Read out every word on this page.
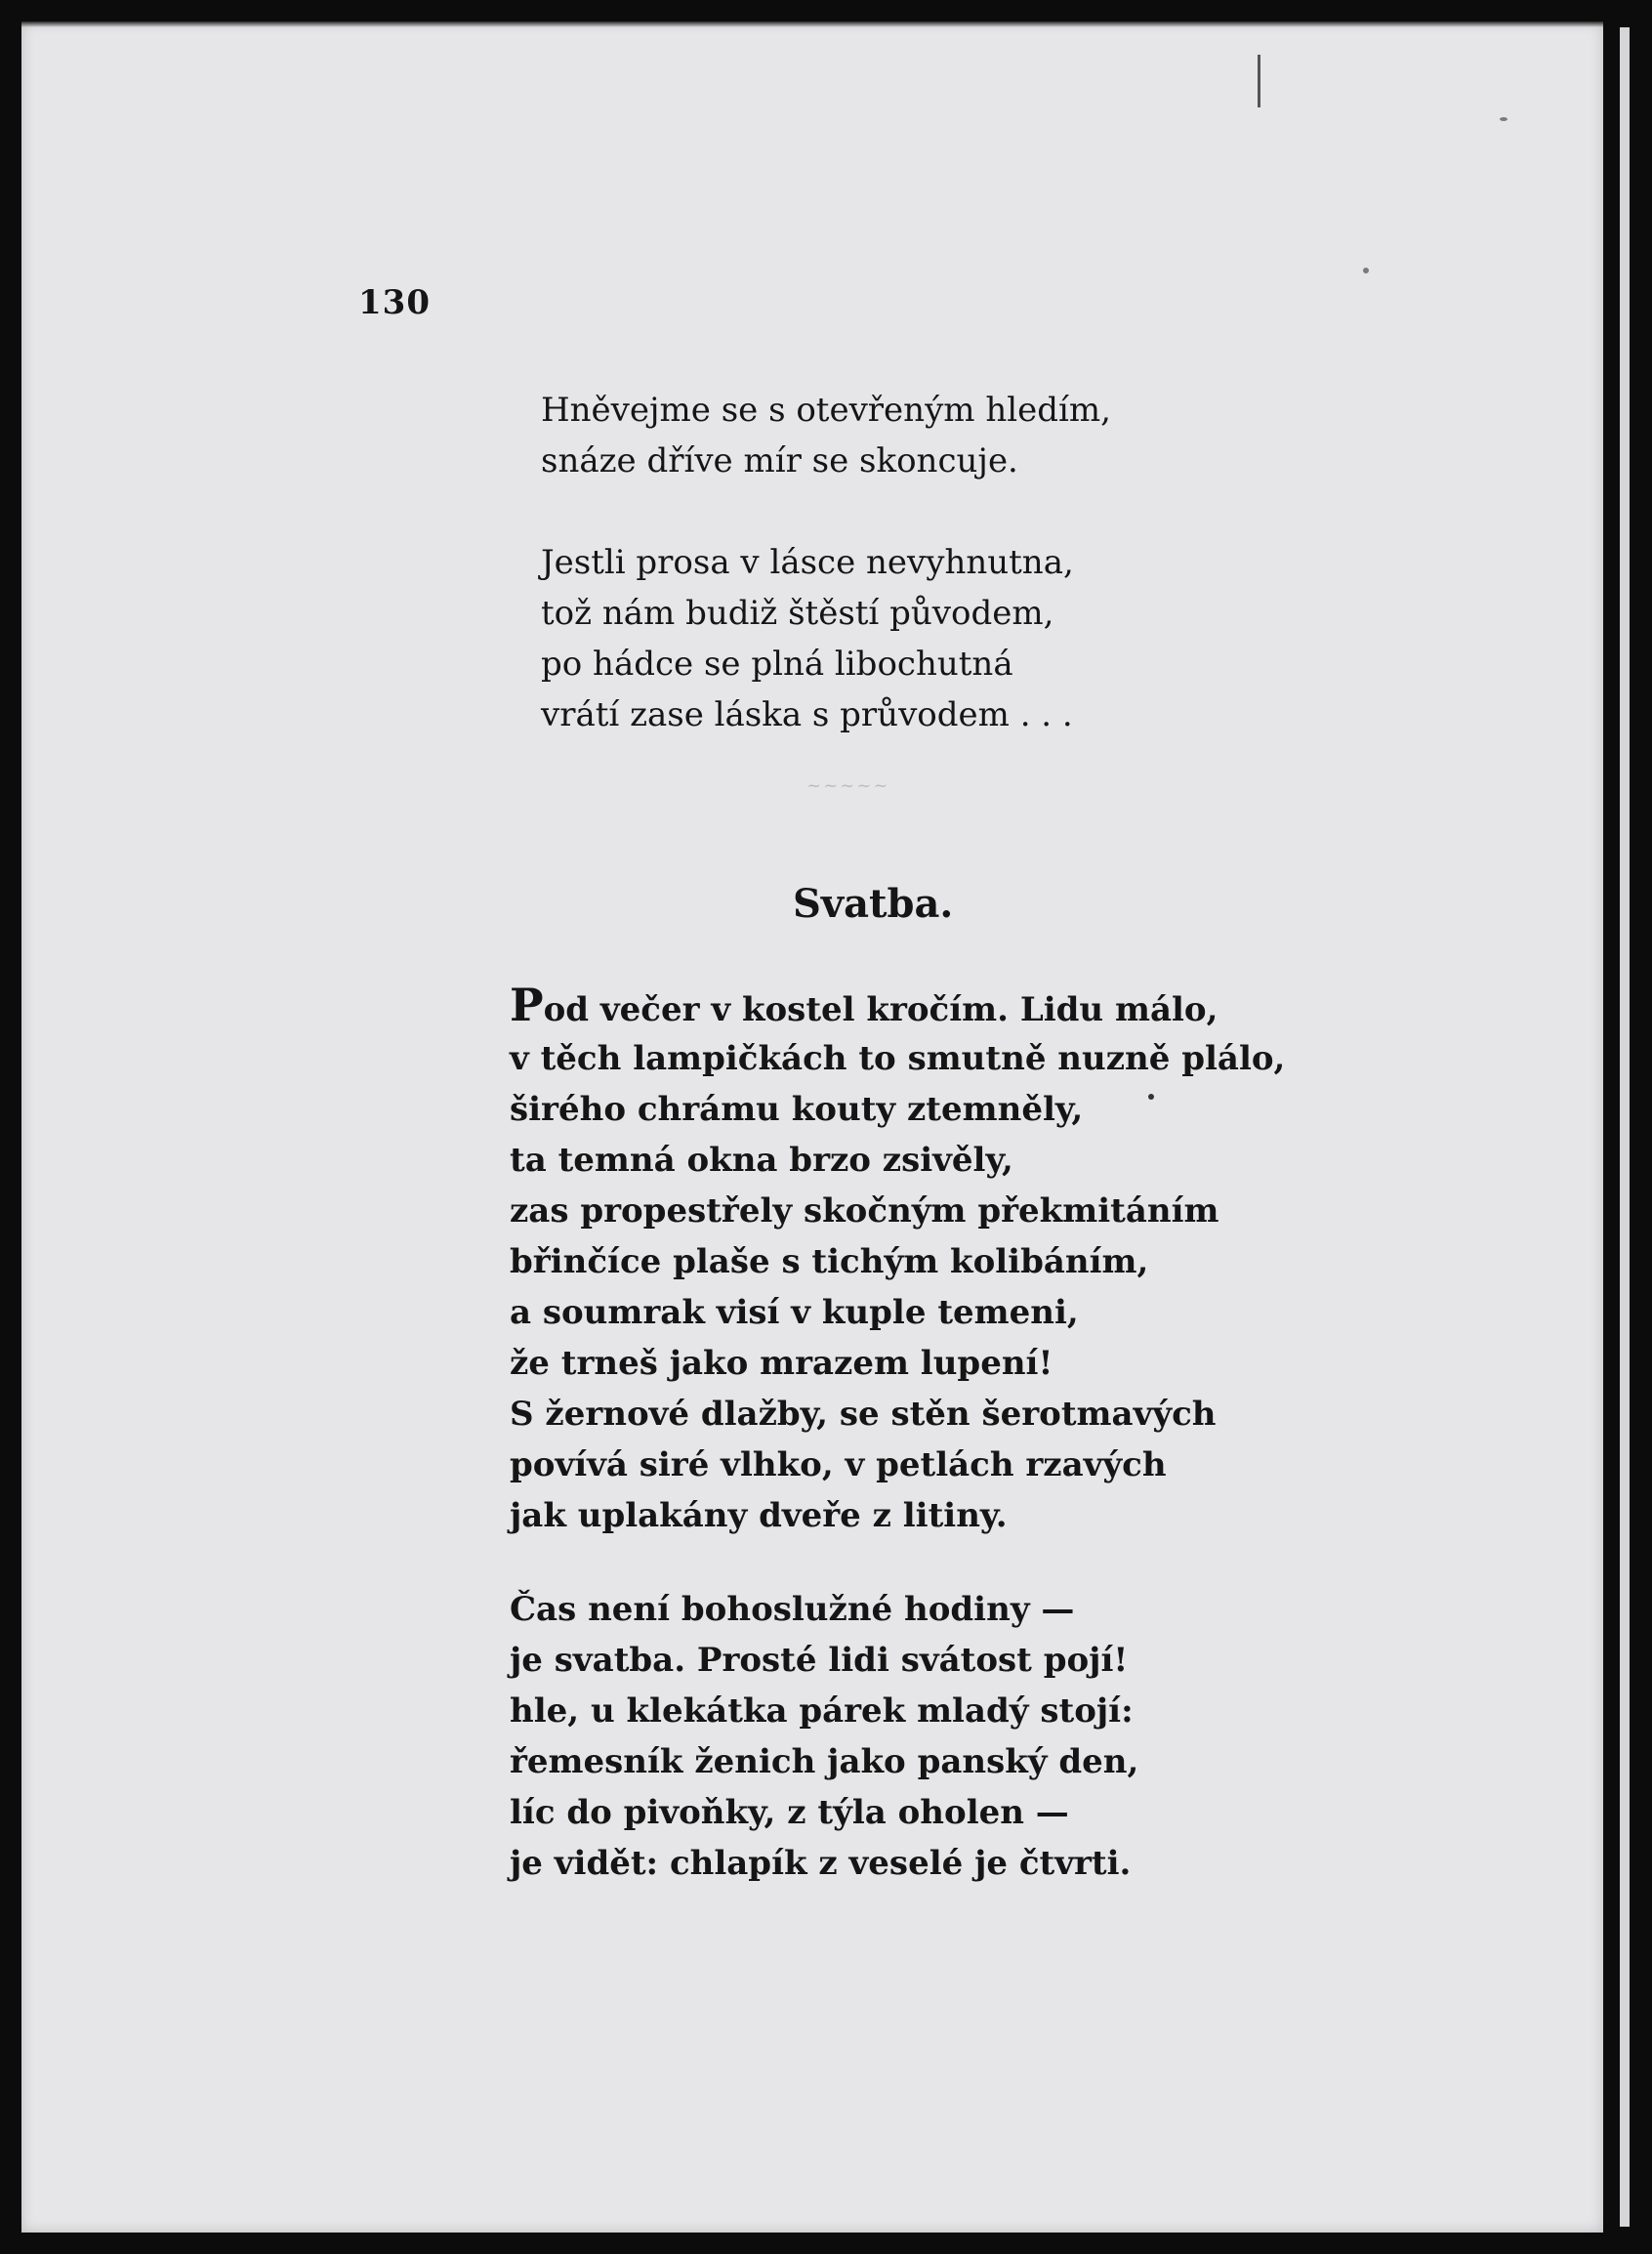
130
Hněvejme se s otevřeným hledím,
snáze dříve mír se skoncuje.
Jestli prosa v lásce nevyhnutna,
tož nám budiž štěstí původem,
po hádce se plná libochutná
vrátí zase láska s průvodem . . .
~~~~~
Svatba.
Pod večer v kostel kročím. Lidu málo,
v těch lampičkách to smutně nuzně plálo,
širého chrámu kouty ztemněly,
ta temná okna brzo zsivěly,
zas propestřely skočným překmitáním
břinčíce plaše s tichým kolibáním,
a soumrak visí v kuple temeni,
že trneš jako mrazem lupení!
S žernové dlažby, se stěn šerotmavých
povívá siré vlhko, v petlách rzavých
jak uplakány dveře z litiny.
Čas není bohoslužné hodiny —
je svatba. Prosté lidi svátost pojí!
hle, u klekátka párek mladý stojí:
řemesník ženich jako panský den,
líc do pivoňky, z týla oholen —
je vidět: chlapík z veselé je čtvrti.
